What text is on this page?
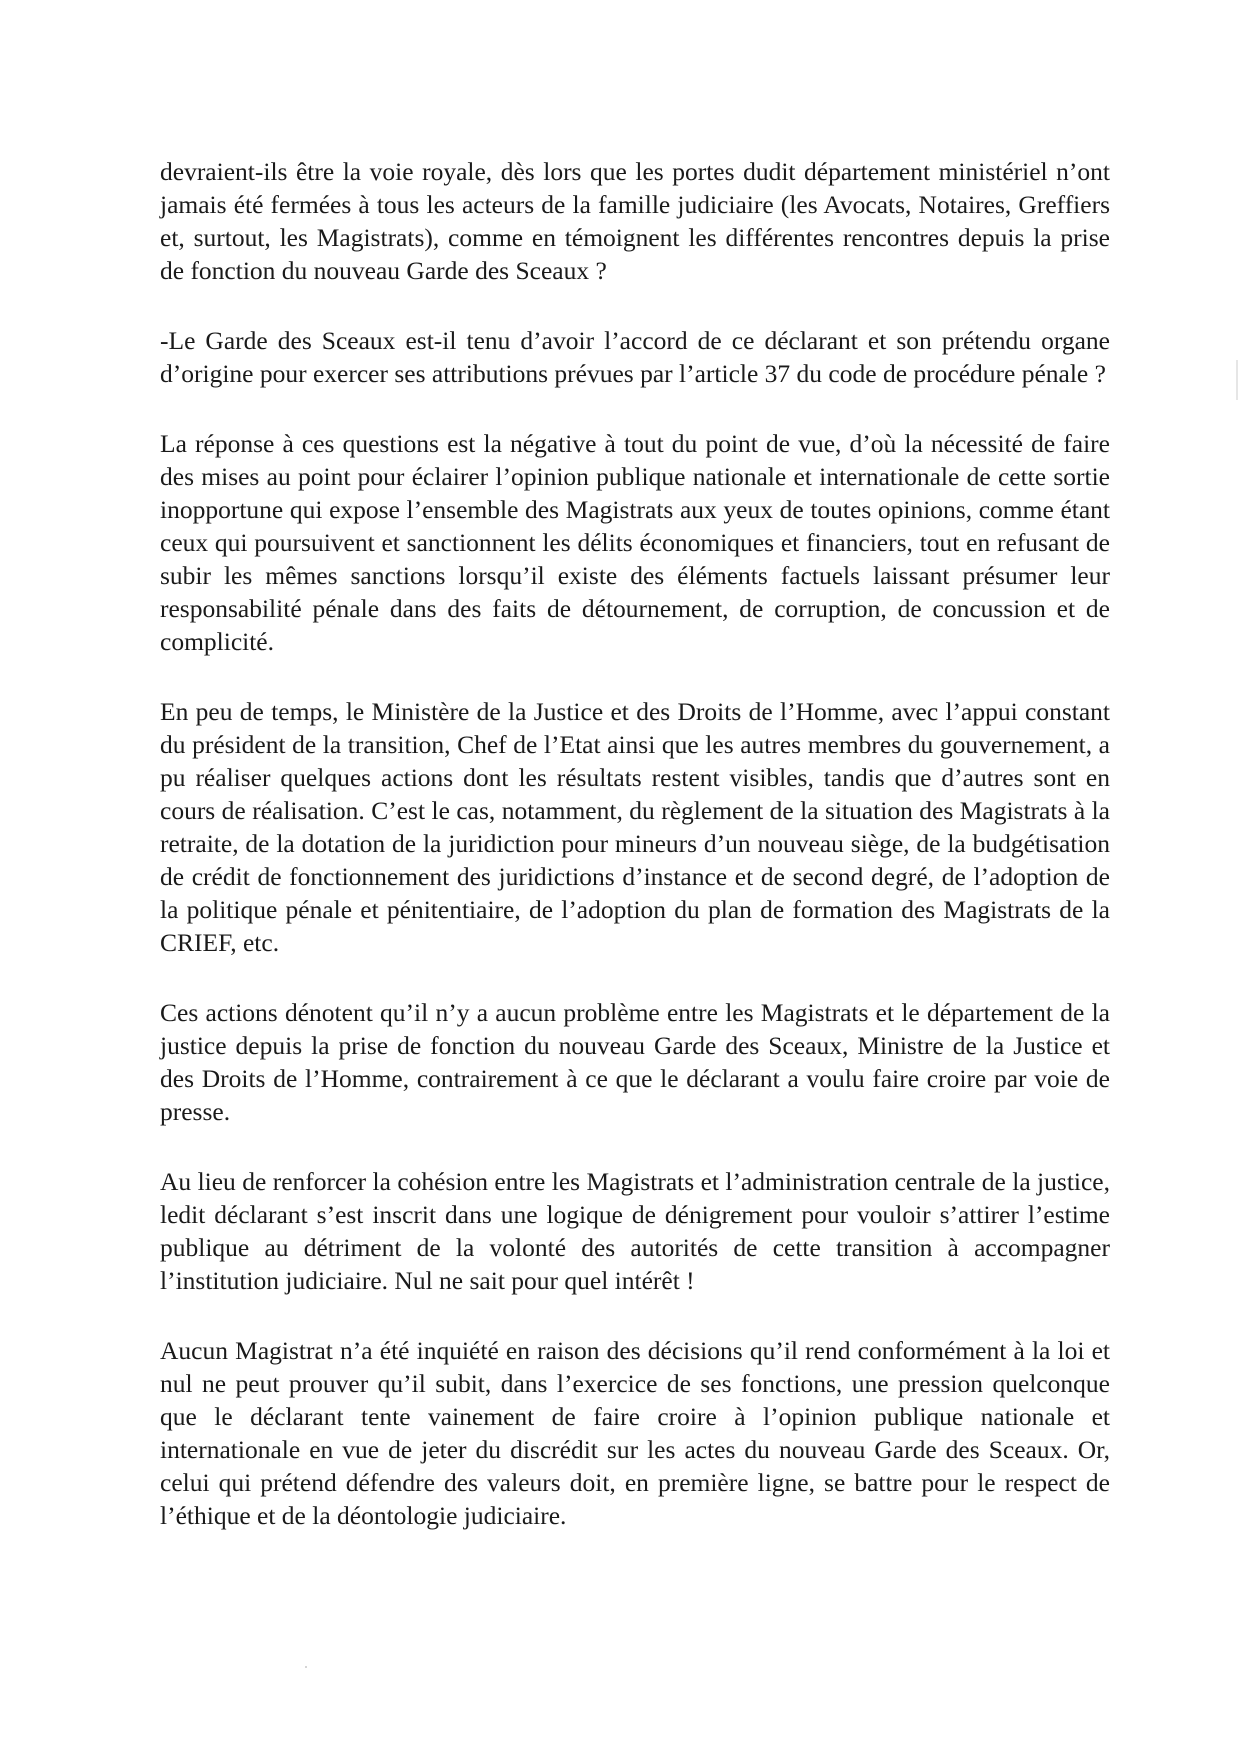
devraient-ils être la voie royale, dès lors que les portes dudit département ministériel n’ont jamais été fermées à tous les acteurs de la famille judiciaire (les Avocats, Notaires, Greffiers et, surtout, les Magistrats), comme en témoignent les différentes rencontres depuis la prise de fonction du nouveau Garde des Sceaux ?

-Le Garde des Sceaux est-il tenu d’avoir l’accord de ce déclarant et son prétendu organe d’origine pour exercer ses attributions prévues par l’article 37 du code de procédure pénale ?

La réponse à ces questions est la négative à tout du point de vue, d’où la nécessité de faire des mises au point pour éclairer l’opinion publique nationale et internationale de cette sortie inopportune qui expose l’ensemble des Magistrats aux yeux de toutes opinions, comme étant ceux qui poursuivent et sanctionnent les délits économiques et financiers, tout en refusant de subir les mêmes sanctions lorsqu’il existe des éléments factuels laissant présumer leur responsabilité pénale dans des faits de détournement, de corruption, de concussion et de complicité.

En peu de temps, le Ministère de la Justice et des Droits de l’Homme, avec l’appui constant du président de la transition, Chef de l’Etat ainsi que les autres membres du gouvernement, a pu réaliser quelques actions dont les résultats restent visibles, tandis que d’autres sont en cours de réalisation. C’est le cas, notamment, du règlement de la situation des Magistrats à la retraite, de la dotation de la juridiction pour mineurs d’un nouveau siège, de la budgétisation de crédit de fonctionnement des juridictions d’instance et de second degré, de l’adoption de la politique pénale et pénitentiaire, de l’adoption du plan de formation des Magistrats de la CRIEF, etc.

Ces actions dénotent qu’il n’y a aucun problème entre les Magistrats et le département de la justice depuis la prise de fonction du nouveau Garde des Sceaux, Ministre de la Justice et des Droits de l’Homme, contrairement à ce que le déclarant a voulu faire croire par voie de presse.

Au lieu de renforcer la cohésion entre les Magistrats et l’administration centrale de la justice, ledit déclarant s’est inscrit dans une logique de dénigrement pour vouloir s’attirer l’estime publique au détriment de la volonté des autorités de cette transition à accompagner l’institution judiciaire. Nul ne sait pour quel intérêt !

Aucun Magistrat n’a été inquiété en raison des décisions qu’il rend conformément à la loi et nul ne peut prouver qu’il subit, dans l’exercice de ses fonctions, une pression quelconque que le déclarant tente vainement de faire croire à l’opinion publique nationale et internationale en vue de jeter du discrédit sur les actes du nouveau Garde des Sceaux. Or, celui qui prétend défendre des valeurs doit, en première ligne, se battre pour le respect de l’éthique et de la déontologie judiciaire.
